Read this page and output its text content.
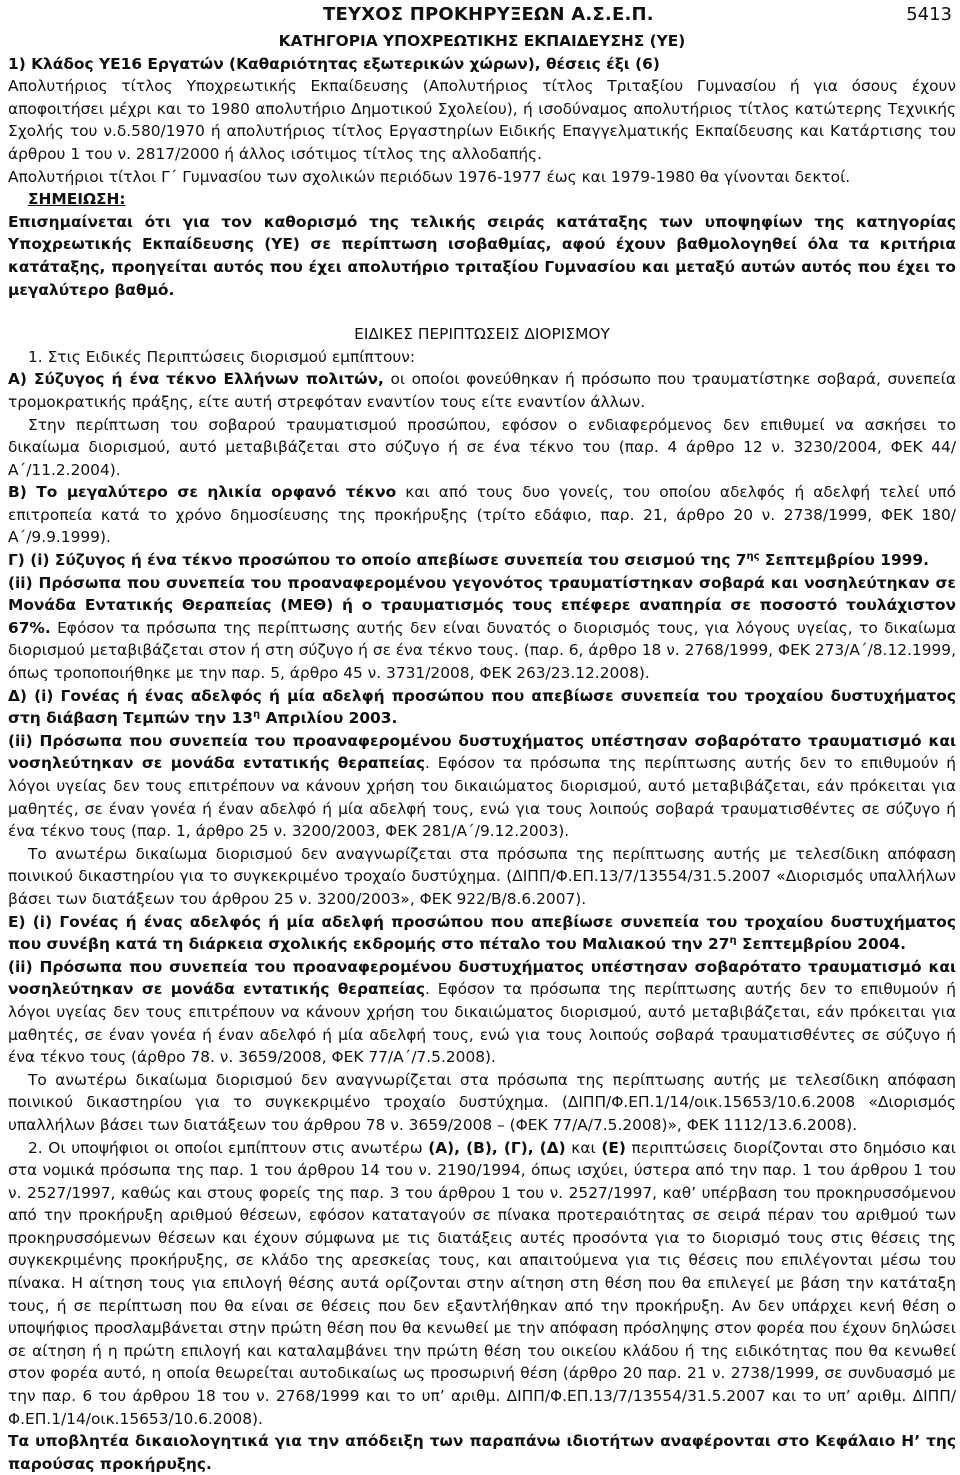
ΤΕΥΧΟΣ ΠΡΟΚΗΡΥΞΕΩΝ Α.Σ.Ε.Π.	5413

ΚΑΤΗΓΟΡΙΑ ΥΠΟΧΡΕΩΤΙΚΗΣ ΕΚΠΑΙΔΕΥΣΗΣ (ΥΕ)

1) Κλάδος ΥΕ16 Εργατών (Καθαριότητας εξωτερικών χώρων), θέσεις έξι (6)

Απολυτήριος τίτλος Υποχρεωτικής Εκπαίδευσης (Απολυτήριος τίτλος Τριταξίου Γυμνασίου ή για όσους έχουν αποφοιτήσει μέχρι και το 1980 απολυτήριο Δημοτικού Σχολείου), ή ισοδύναμος απολυτήριος τίτλος κατώτερης Τεχνικής Σχολής του ν.δ.580/1970 ή απολυτήριος τίτλος Εργαστηρίων Ειδικής Επαγγελματικής Εκπαίδευσης και Κατάρτισης του άρθρου 1 του ν. 2817/2000 ή άλλος ισότιμος τίτλος της αλλοδαπής.

Απολυτήριοι τίτλοι Γ΄ Γυμνασίου των σχολικών περιόδων 1976-1977 έως και 1979-1980 θα γίνονται δεκτοί.

ΣΗΜΕΙΩΣΗ:

Επισημαίνεται ότι για τον καθορισμό της τελικής σειράς κατάταξης των υποψηφίων της κατηγορίας Υποχρεωτικής Εκπαίδευσης (ΥΕ) σε περίπτωση ισοβαθμίας, αφού έχουν βαθμολογηθεί όλα τα κριτήρια κατάταξης, προηγείται αυτός που έχει απολυτήριο τριταξίου Γυμνασίου και μεταξύ αυτών αυτός που έχει το μεγαλύτερο βαθμό.

ΕΙΔΙΚΕΣ ΠΕΡΙΠΤΩΣΕΙΣ ΔΙΟΡΙΣΜΟΥ

1. Στις Ειδικές Περιπτώσεις διορισμού εμπίπτουν:

Α) Σύζυγος ή ένα τέκνο Ελλήνων πολιτών, οι οποίοι φονεύθηκαν ή πρόσωπο που τραυματίστηκε σοβαρά, συνεπεία τρομοκρατικής πράξης, είτε αυτή στρεφόταν εναντίον τους είτε εναντίον άλλων.

Στην περίπτωση του σοβαρού τραυματισμού προσώπου, εφόσον ο ενδιαφερόμενος δεν επιθυμεί να ασκήσει το δικαίωμα διορισμού, αυτό μεταβιβάζεται στο σύζυγο ή σε ένα τέκνο του (παρ. 4 άρθρο 12 ν. 3230/2004, ΦΕΚ 44/Α΄/11.2.2004).

Β) Το μεγαλύτερο σε ηλικία ορφανό τέκνο και από τους δυο γονείς, του οποίου αδελφός ή αδελφή τελεί υπό επιτροπεία κατά το χρόνο δημοσίευσης της προκήρυξης (τρίτο εδάφιο, παρ. 21, άρθρο 20 ν. 2738/1999, ΦΕΚ 180/Α΄/9.9.1999).

Γ) (i) Σύζυγος ή ένα τέκνο προσώπου το οποίο απεβίωσε συνεπεία του σεισμού της $7^{\eta\varsigma}$ Σεπτεμβρίου 1999.

(ii) Πρόσωπα που συνεπεία του προαναφερομένου γεγονότος τραυματίστηκαν σοβαρά και νοσηλεύτηκαν σε Μονάδα Εντατικής Θεραπείας (ΜΕΘ) ή ο τραυματισμός τους επέφερε αναπηρία σε ποσοστό τουλάχιστον 67%. Εφόσον τα πρόσωπα της περίπτωσης αυτής δεν είναι δυνατός ο διορισμός τους, για λόγους υγείας, το δικαίωμα διορισμού μεταβιβάζεται στον ή στη σύζυγο ή σε ένα τέκνο τους. (παρ. 6, άρθρο 18 ν. 2768/1999, ΦΕΚ 273/Α΄/8.12.1999, όπως τροποποιήθηκε με την παρ. 5, άρθρο 45 ν. 3731/2008, ΦΕΚ 263/23.12.2008).

Δ) (i) Γονέας ή ένας αδελφός ή μία αδελφή προσώπου που απεβίωσε συνεπεία του τροχαίου δυστυχήματος στη διάβαση Τεμπών την $13^\eta$ Απριλίου 2003.

(ii) Πρόσωπα που συνεπεία του προαναφερομένου δυστυχήματος υπέστησαν σοβαρότατο τραυματισμό και νοσηλεύτηκαν σε μονάδα εντατικής θεραπείας. Εφόσον τα πρόσωπα της περίπτωσης αυτής δεν το επιθυμούν ή λόγοι υγείας δεν τους επιτρέπουν να κάνουν χρήση του δικαιώματος διορισμού, αυτό μεταβιβάζεται, εάν πρόκειται για μαθητές, σε έναν γονέα ή έναν αδελφό ή μία αδελφή τους, ενώ για τους λοιπούς σοβαρά τραυματισθέντες σε σύζυγο ή ένα τέκνο τους (παρ. 1, άρθρο 25 ν. 3200/2003, ΦΕΚ 281/Α΄/9.12.2003).

Το ανωτέρω δικαίωμα διορισμού δεν αναγνωρίζεται στα πρόσωπα της περίπτωσης αυτής με τελεσίδικη απόφαση ποινικού δικαστηρίου για το συγκεκριμένο τροχαίο δυστύχημα. (ΔΙΠΠ/Φ.ΕΠ.13/7/13554/31.5.2007 «Διορισμός υπαλλήλων βάσει των διατάξεων του άρθρου 25 ν. 3200/2003», ΦΕΚ 922/Β/8.6.2007).

Ε) (i) Γονέας ή ένας αδελφός ή μία αδελφή προσώπου που απεβίωσε συνεπεία του τροχαίου δυστυχήματος που συνέβη κατά τη διάρκεια σχολικής εκδρομής στο πέταλο του Μαλιακού την $27^\eta$ Σεπτεμβρίου 2004.

(ii) Πρόσωπα που συνεπεία του προαναφερομένου δυστυχήματος υπέστησαν σοβαρότατο τραυματισμό και νοσηλεύτηκαν σε μονάδα εντατικής θεραπείας. Εφόσον τα πρόσωπα της περίπτωσης αυτής δεν το επιθυμούν ή λόγοι υγείας δεν τους επιτρέπουν να κάνουν χρήση του δικαιώματος διορισμού, αυτό μεταβιβάζεται, εάν πρόκειται για μαθητές, σε έναν γονέα ή έναν αδελφό ή μία αδελφή τους, ενώ για τους λοιπούς σοβαρά τραυματισθέντες σε σύζυγο ή ένα τέκνο τους (άρθρο 78. ν. 3659/2008, ΦΕΚ 77/Α΄/7.5.2008).

Το ανωτέρω δικαίωμα διορισμού δεν αναγνωρίζεται στα πρόσωπα της περίπτωσης αυτής με τελεσίδικη απόφαση ποινικού δικαστηρίου για το συγκεκριμένο τροχαίο δυστύχημα. (ΔΙΠΠ/Φ.ΕΠ.1/14/οικ.15653/10.6.2008 «Διορισμός υπαλλήλων βάσει των διατάξεων του άρθρου 78 ν. 3659/2008 – (ΦΕΚ 77/Α/7.5.2008)», ΦΕΚ 1112/13.6.2008).

2. Οι υποψήφιοι οι οποίοι εμπίπτουν στις ανωτέρω (Α), (Β), (Γ), (Δ) και (Ε) περιπτώσεις διορίζονται στο δημόσιο και στα νομικά πρόσωπα της παρ. 1 του άρθρου 14 του ν. 2190/1994, όπως ισχύει, ύστερα από την παρ. 1 του άρθρου 1 του ν. 2527/1997, καθώς και στους φορείς της παρ. 3 του άρθρου 1 του ν. 2527/1997, καθ’ υπέρβαση του προκηρυσσόμενου από την προκήρυξη αριθμού θέσεων, εφόσον καταταγούν σε πίνακα προτεραιότητας σε σειρά πέραν του αριθμού των προκηρυσσόμενων θέσεων και έχουν σύμφωνα με τις διατάξεις αυτές προσόντα για το διορισμό τους στις θέσεις της συγκεκριμένης προκήρυξης, σε κλάδο της αρεσκείας τους, και απαιτούμενα για τις θέσεις που επιλέγονται μέσω του πίνακα. Η αίτηση τους για επιλογή θέσης αυτά ορίζονται στην αίτηση στη θέση που θα επιλεγεί με βάση την κατάταξη τους, ή σε περίπτωση που θα είναι σε θέσεις που δεν εξαντλήθηκαν από την προκήρυξη. Αν δεν υπάρχει κενή θέση ο υποψήφιος προσλαμβάνεται στην πρώτη θέση που θα κενωθεί με την απόφαση πρόσληψης στον φορέα που έχουν δηλώσει σε αίτηση ή η πρώτη επιλογή και καταλαμβάνει την πρώτη θέση του οικείου κλάδου ή της ειδικότητας που θα κενωθεί στον φορέα αυτό, η οποία θεωρείται αυτοδικαίως ως προσωρινή θέση (άρθρο 20 παρ. 21 ν. 2738/1999, σε συνδυασμό με την παρ. 6 του άρθρου 18 του ν. 2768/1999 και το υπ’ αριθμ. ΔΙΠΠ/Φ.ΕΠ.13/7/13554/31.5.2007 και το υπ’ αριθμ. ΔΙΠΠ/Φ.ΕΠ.1/14/οικ.15653/10.6.2008).

Τα υποβλητέα δικαιολογητικά για την απόδειξη των παραπάνω ιδιοτήτων αναφέρονται στο Κεφάλαιο Η’ της παρούσας προκήρυξης.
